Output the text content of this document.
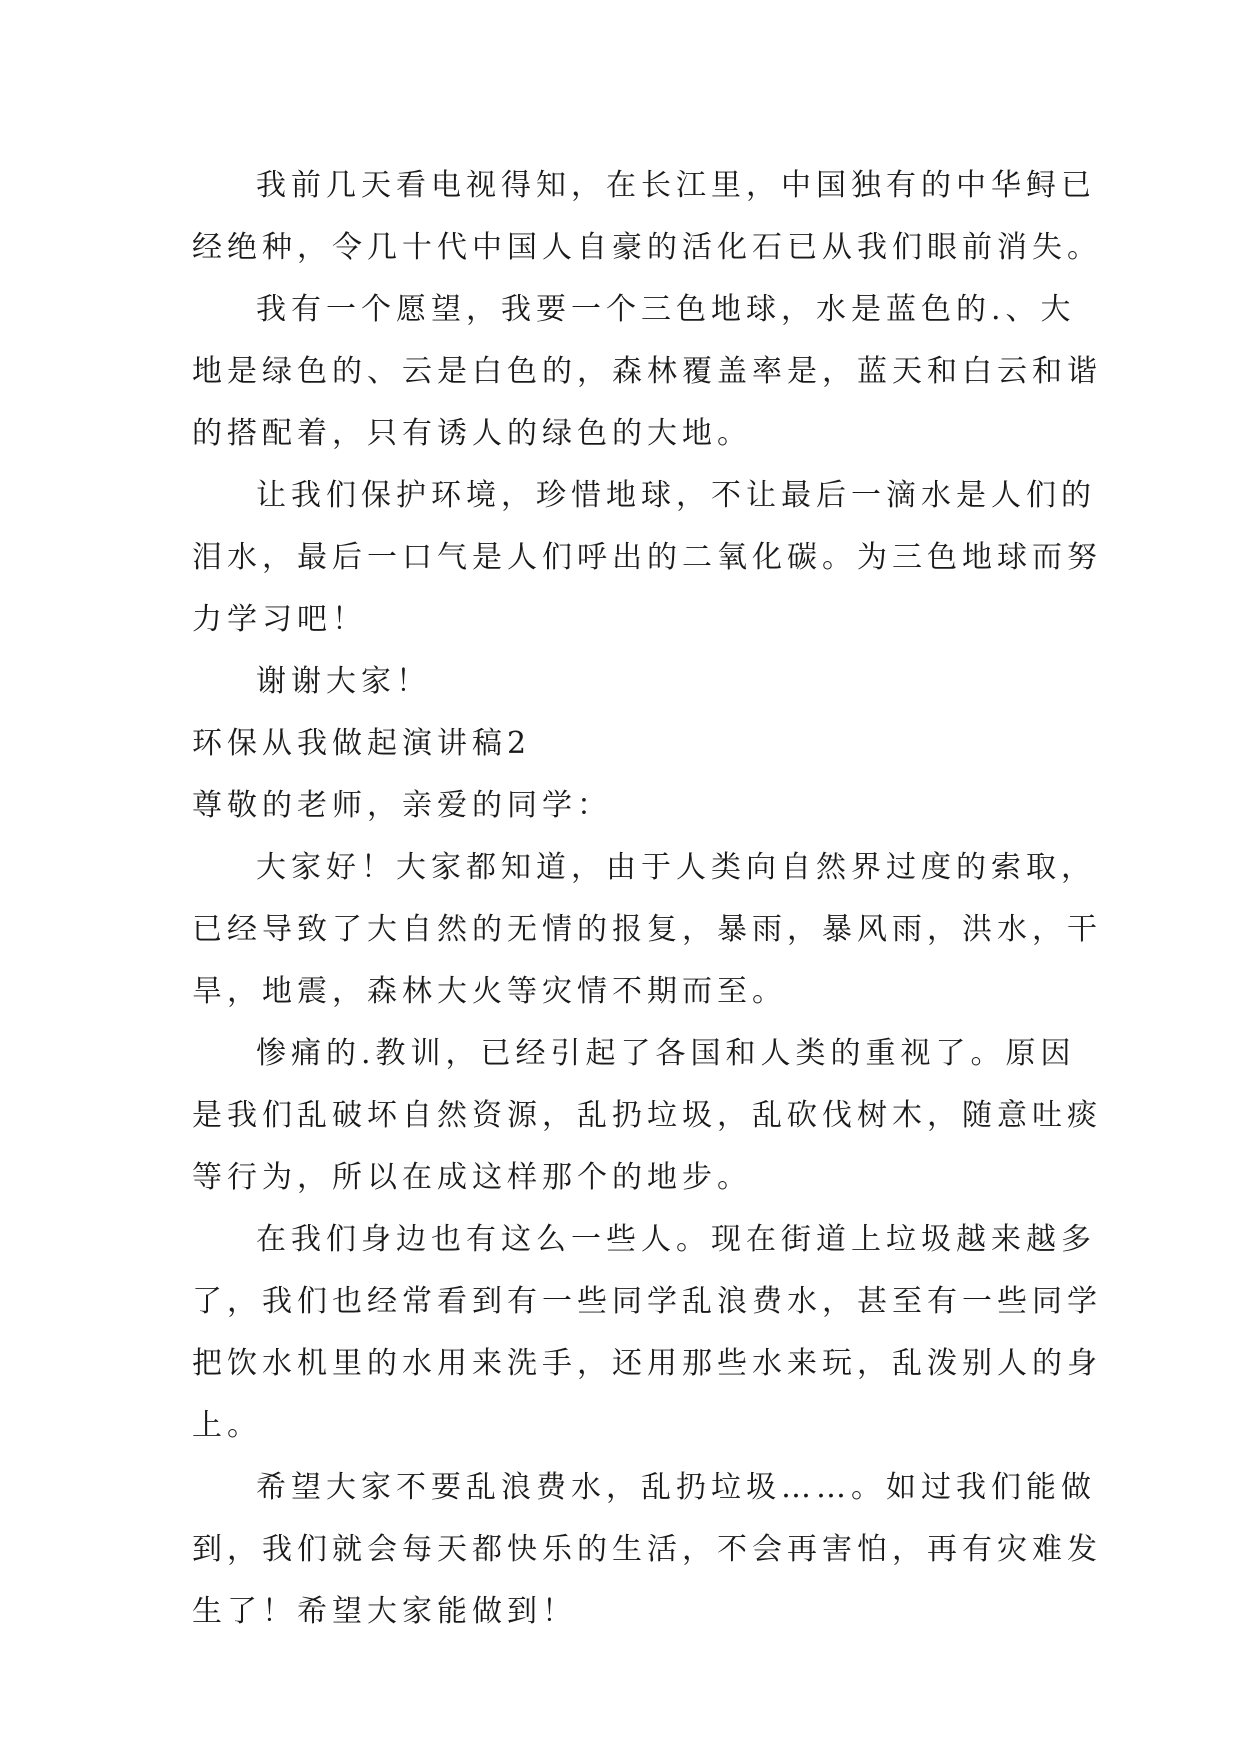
我前几天看电视得知，在长江里，中国独有的中华鲟已
经绝种，令几十代中国人自豪的活化石已从我们眼前消失。
我有一个愿望，我要一个三色地球，水是蓝色的.、大
地是绿色的、云是白色的，森林覆盖率是，蓝天和白云和谐
的搭配着，只有诱人的绿色的大地。
让我们保护环境，珍惜地球，不让最后一滴水是人们的
泪水，最后一口气是人们呼出的二氧化碳。为三色地球而努
力学习吧！
谢谢大家！
环保从我做起演讲稿2
尊敬的老师，亲爱的同学：
大家好！大家都知道，由于人类向自然界过度的索取，
已经导致了大自然的无情的报复，暴雨，暴风雨，洪水，干
旱，地震，森林大火等灾情不期而至。
惨痛的.教训，已经引起了各国和人类的重视了。原因
是我们乱破坏自然资源，乱扔垃圾，乱砍伐树木，随意吐痰
等行为，所以在成这样那个的地步。
在我们身边也有这么一些人。现在街道上垃圾越来越多
了，我们也经常看到有一些同学乱浪费水，甚至有一些同学
把饮水机里的水用来洗手，还用那些水来玩，乱泼别人的身
上。
希望大家不要乱浪费水，乱扔垃圾……。如过我们能做
到，我们就会每天都快乐的生活，不会再害怕，再有灾难发
生了！希望大家能做到！
